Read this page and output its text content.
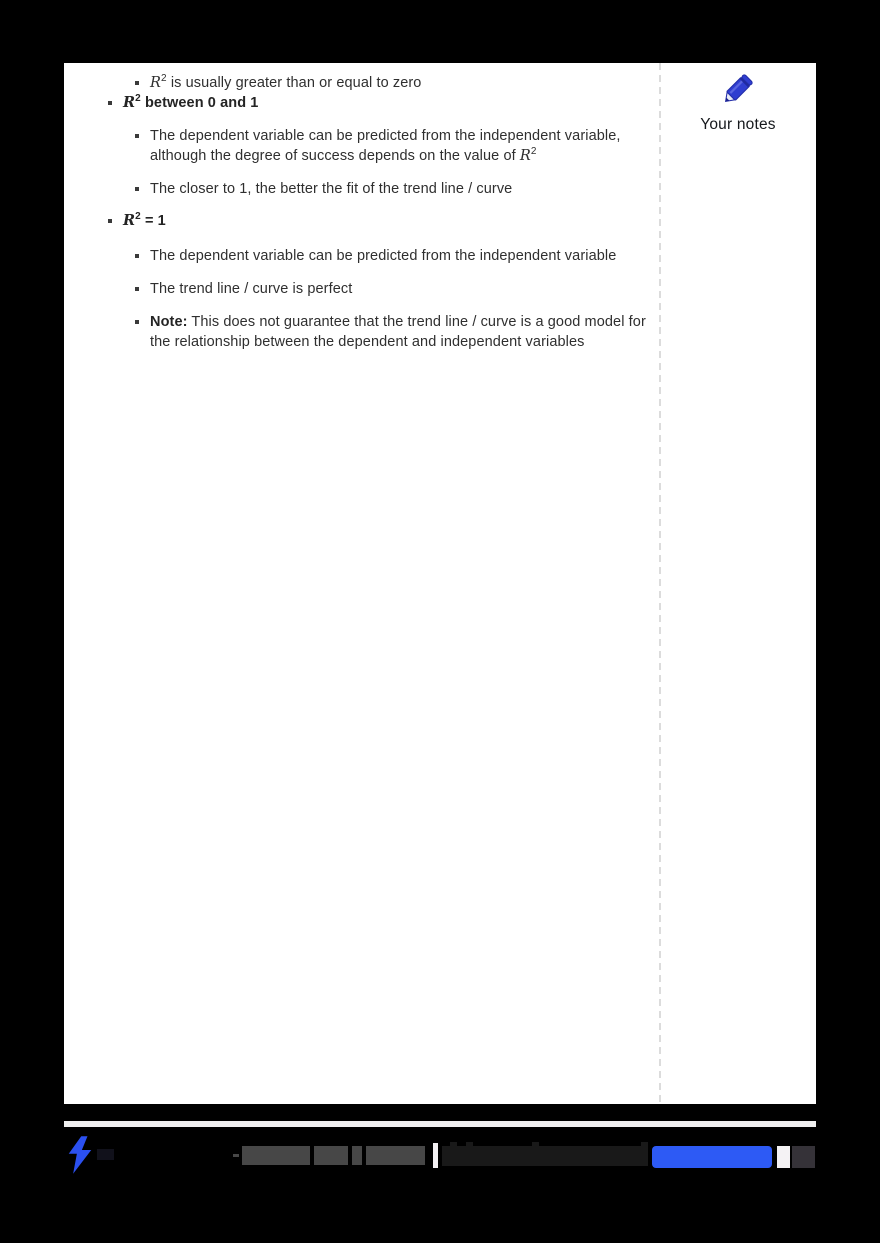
$R^2$ is usually greater than or equal to zero
$R^2$ between 0 and 1
The dependent variable can be predicted from the independent variable, although the degree of success depends on the value of $R^2$
The closer to 1, the better the fit of the trend line / curve
$R^2 = 1$
The dependent variable can be predicted from the independent variable
The trend line / curve is perfect
Note: This does not guarantee that the trend line / curve is a good model for the relationship between the dependent and independent variables
Your notes
